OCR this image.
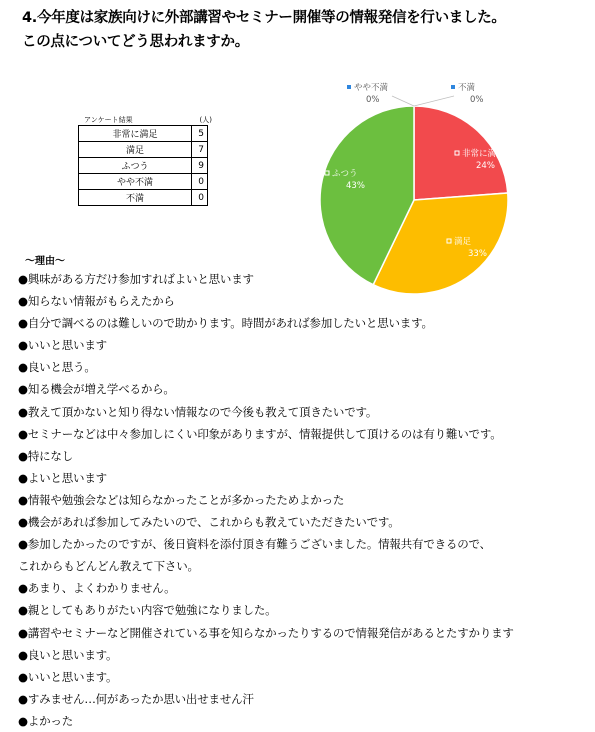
4.今年度は家族向けに外部講習やセミナー開催等の情報発信を行いました。
この点についてどう思われますか。
アンケート結果	(人)
非常に満足	5
満足	7
ふつう	9
やや不満	0
不満	0
非常に満足
24%
満足
33%
ふつう
43%
やや不満
0%
不満
0%
〜理由〜
●興味がある方だけ参加すればよいと思います
●知らない情報がもらえたから
●自分で調べるのは難しいので助かります。時間があれば参加したいと思います。
●いいと思います
●良いと思う。
●知る機会が増え学べるから。
●教えて頂かないと知り得ない情報なので今後も教えて頂きたいです。
●セミナーなどは中々参加しにくい印象がありますが、情報提供して頂けるのは有り難いです。
●特になし
●よいと思います
●情報や勉強会などは知らなかったことが多かったためよかった
●機会があれば参加してみたいので、これからも教えていただきたいです。
●参加したかったのですが、後日資料を添付頂き有難うございました。情報共有できるので、
これからもどんどん教えて下さい。
●あまり、よくわかりません。
●親としてもありがたい内容で勉強になりました。
●講習やセミナーなど開催されている事を知らなかったりするので情報発信があるとたすかります
●良いと思います。
●いいと思います。
●すみません…何があったか思い出せません汗
●よかった
